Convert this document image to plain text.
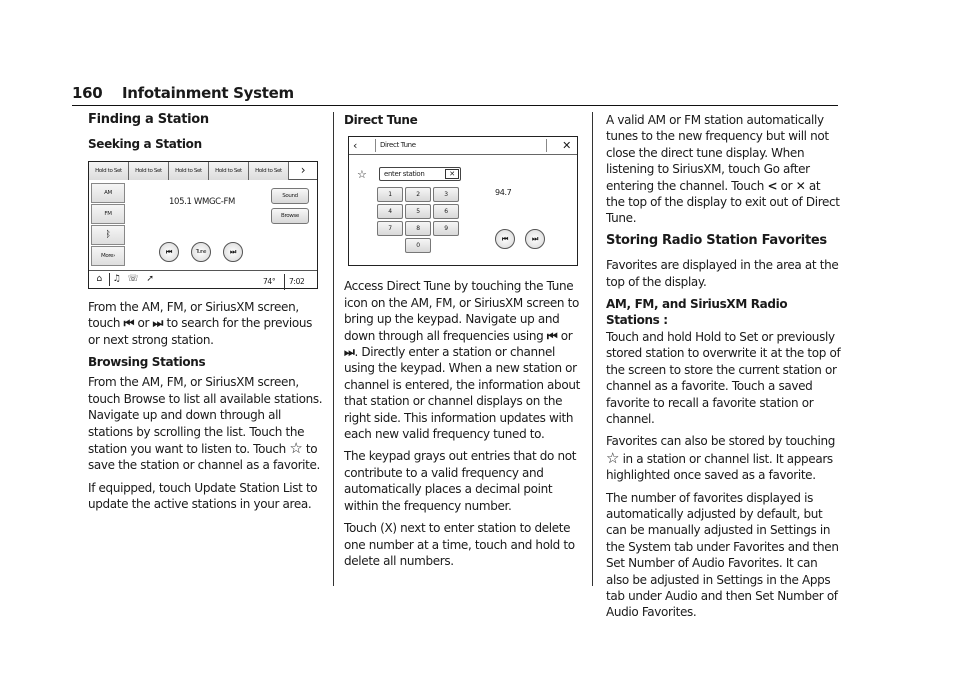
160 Infotainment System
Finding a Station
Seeking a Station
Hold to Set	Hold to Set	Hold to Set	Hold to Set	Hold to Set	›
AM
FM
ᛒ
More›
105.1 WMGC-FM
Sound
Browse
⏮	Tune	⏭
⌂	♫ ☏ ➚	74°	7:02

From the AM, FM, or SiriusXM screen, touch ⏮ or ⏭ to search for the previous or next strong station.

Browsing Stations

From the AM, FM, or SiriusXM screen, touch Browse to list all available stations. Navigate up and down through all stations by scrolling the list. Touch the station you want to listen to. Touch ☆ to save the station or channel as a favorite.

If equipped, touch Update Station List to update the active stations in your area.

Direct Tune
‹	Direct Tune	✕
☆	enter station	✕
1	2	3
4	5	6
7	8	9
0
94.7
⏮	⏭

Access Direct Tune by touching the Tune icon on the AM, FM, or SiriusXM screen to bring up the keypad. Navigate up and down through all frequencies using ⏮ or ⏭. Directly enter a station or channel using the keypad. When a new station or channel is entered, the information about that station or channel displays on the right side. This information updates with each new valid frequency tuned to.

The keypad grays out entries that do not contribute to a valid frequency and automatically places a decimal point within the frequency number.

Touch (X) next to enter station to delete one number at a time, touch and hold to delete all numbers.

A valid AM or FM station automatically tunes to the new frequency but will not close the direct tune display. When listening to SiriusXM, touch Go after entering the channel. Touch < or ✕ at the top of the display to exit out of Direct Tune.

Storing Radio Station Favorites

Favorites are displayed in the area at the top of the display.

AM, FM, and SiriusXM Radio Stations :

Touch and hold Hold to Set or previously stored station to overwrite it at the top of the screen to store the current station or channel as a favorite. Touch a saved favorite to recall a favorite station or channel.

Favorites can also be stored by touching ☆ in a station or channel list. It appears highlighted once saved as a favorite.

The number of favorites displayed is automatically adjusted by default, but can be manually adjusted in Settings in the System tab under Favorites and then Set Number of Audio Favorites. It can also be adjusted in Settings in the Apps tab under Audio and then Set Number of Audio Favorites.
